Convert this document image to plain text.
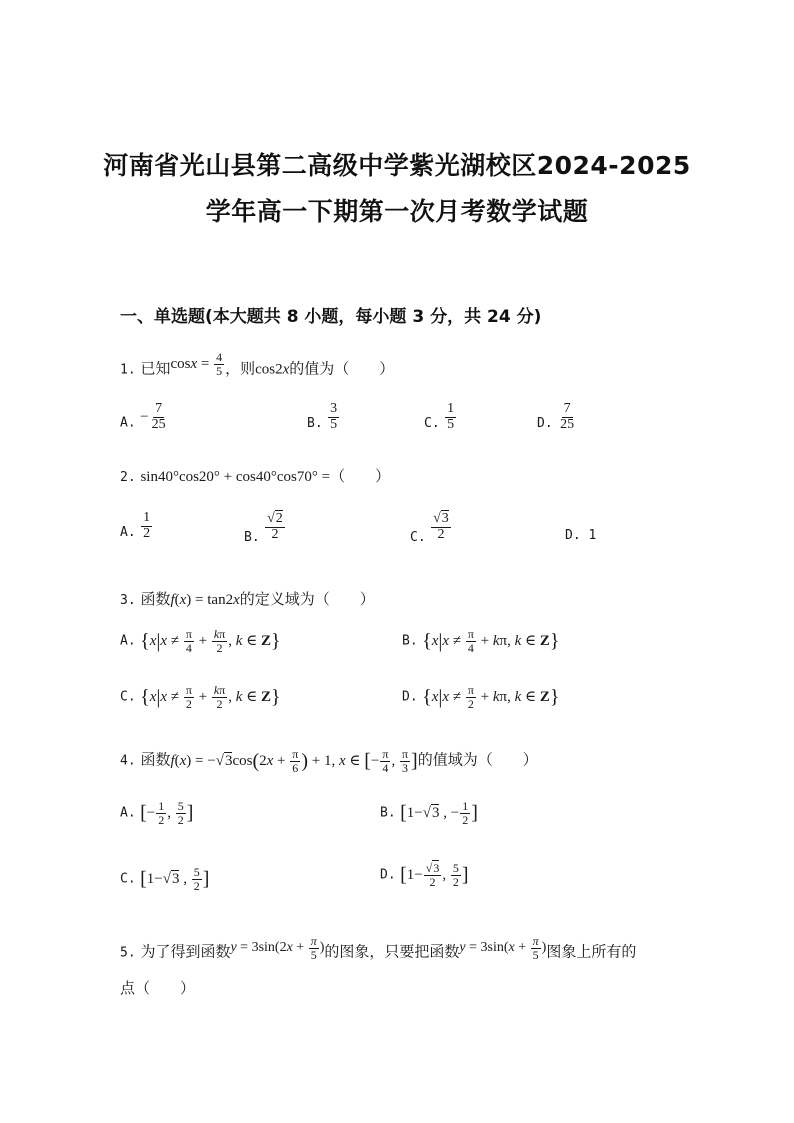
河南省光山县第二高级中学紫光湖校区2024-2025
学年高一下期第一次月考数学试题
一、单选题(本大题共 8 小题，每小题 3 分，共 24 分)
1. 已知$\cos x = \frac{4}{5}$ ，则cos2x的值为（　　）
A. − $\frac{7}{25}$	B. $\frac{3}{5}$	C. $\frac{1}{5}$	D. $\frac{7}{25}$
2. sin40°cos20° + cos40°cos70° =（　　）
A. $\frac{1}{2}$	B. $\frac{√2}{2}$	C. $\frac{√3}{2}$	D. 1
3. 函数f(x) = tan2x的定义域为（　　）
A. {$x|x \ne \frac{\pi}{4} + \frac{k\pi}{2}$ , k ∈ Z}	B. {$x|x \ne \frac{\pi}{4} + k\pi$, k ∈ Z}
C. {$x|x \ne \frac{\pi}{2} + \frac{k\pi}{2}$ , k ∈ Z}	D. {$x|x \ne \frac{\pi}{2} + k\pi$, k ∈ Z}
4. 函数$f(x) = -√3\cos(2x + \frac{\pi}{6}$ ) + 1, x ∈ [− $\frac{\pi}{4}$ , $\frac{\pi}{3}$ ]的值域为（　　）
A. [− $\frac{1}{2}$ , $\frac{5}{2}$ ]	B. [1−√3 , − $\frac{1}{2}$ ]
C. [1−√3 , $\frac{5}{2}$ ]	D. [$1- \frac{√3}{2}$ , $\frac{5}{2}$ ]
5. 为了得到函数$y = 3\sin(2x + \frac{\pi}{5}$ )的图象，只要把函数$y = 3\sin(x + \frac{\pi}{5}$ )图象上所有的
点（　　）
